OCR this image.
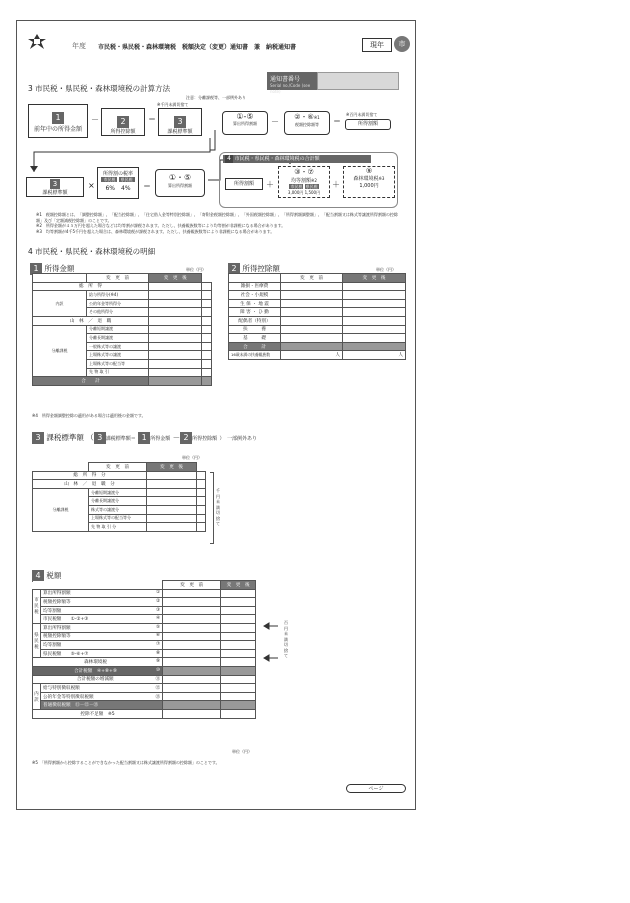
年度 市民税・県民税・森林環境税　税額決定（変更）通知書　兼　納税通知書	現年	市
通知書番号
Serial no./Code (see note)
3 市民税・県民税・森林環境税の計算方法
注意：分離課税等、一部例外あり
1
前年中の所得金額
－	2
所得控除額
＝
※千円未満切捨て
3
課税標準額
①-⑤
算出所得割額	－	②・⑥※1
税額控除額等	＝
※百円未満切捨て
所得割額
3
課税標準額
×
所得割の税率
市民税 県民税
6%　 4%	＝
①・⑤
算出所得割額
4 市民税・県民税・森林環境税の合計額
所得割額	＋
③・⑦
均等割額※2
市民税 県民税
3,000円 1,500円
＋
⑨
森林環境税※3
1,000円
※1　税額控除額とは、「調整控除額」、「配当控除額」、「住宅借入金等特別控除額」、「寄附金税額控除額」、「外国税額控除額」、「所得割額調整額」、「配当割額又は株式等譲渡所得割額の控除額」及び「定額減税控除額」のことです。
※2　所得金額が４５万円を超えた場合などは均等割が課税されます。ただし、扶養親族数等により均等割が非課税になる場合があります。
※3　均等割額が4千5千円を超えた場合は、森林環境税が課税されます。ただし、扶養親族数等により非課税になる場合があります。
4 市民税・県民税・森林環境税の明細
1 所得金額	単位（円）
	変　更　前	変　更　後	
総　所　得			
内訳	給与所得分(※4)		
	公的年金等所得分		
	その他所得分		
山　林　／　退　職			
分離課税	分離短期譲渡		
	分離長期譲渡		
	一般株式等の譲渡		
	上場株式等の譲渡		
	上場株式等の配当等		
	先 物 取 引		
合　　計			
※4　所得金額調整控除の適用がある場合は適用後の金額です。
2 所得控除額	単位（円）
	変　更　前	変　更　後
雑損・医療費		
社会・小規模		
生 保 ・ 地 震		
障 害 ・ ひ 勤		
配偶者（特別）		
扶　　　養		
基　　　礎		
合　　　計		
16歳未満の扶養親族数	人	人
3 課税標準額 （ 3 課税標準額＝ 1 所得金額 － 2 所得控除額 ）　一部例外あり
単位（円）
	変　更　前	変　更　後	
総　所　得　分			
山　林　／　退　職　分			
分離課税	分離短期譲渡分		
	分離長期譲渡分		
	株式等の譲渡分		
	上場株式等の配当等分		
	先 物 取 引 分		
千円未満切捨て
4 税額
		変　更　前	変　更　後
市民税	算出所得割額 ①		

	税額控除額等 ②		

	均等割額 ③		

	市民税額　　①-②+③ ④		

県民税	算出所得割額 ⑤		

	税額控除額等 ⑥		

	均等割額 ⑦		

	県民税額　　⑤-⑥+⑦ ⑧		

森林環境税 ⑨			

合計税額　④+⑧+⑨ ⑩			

合計税額の増減額 ⑪			

内訳	給与特別徴収税額 ⑫		

	公的年金等特別徴収税額 ⑬		

	普通徴収税額　⑪－⑫－⑬

控除不足額　※5	

百円未満切捨て
単位（円）
※5　「所得割額から控除することができなかった配当割額又は株式譲渡所得割額の控除額」のことです。
ページ
